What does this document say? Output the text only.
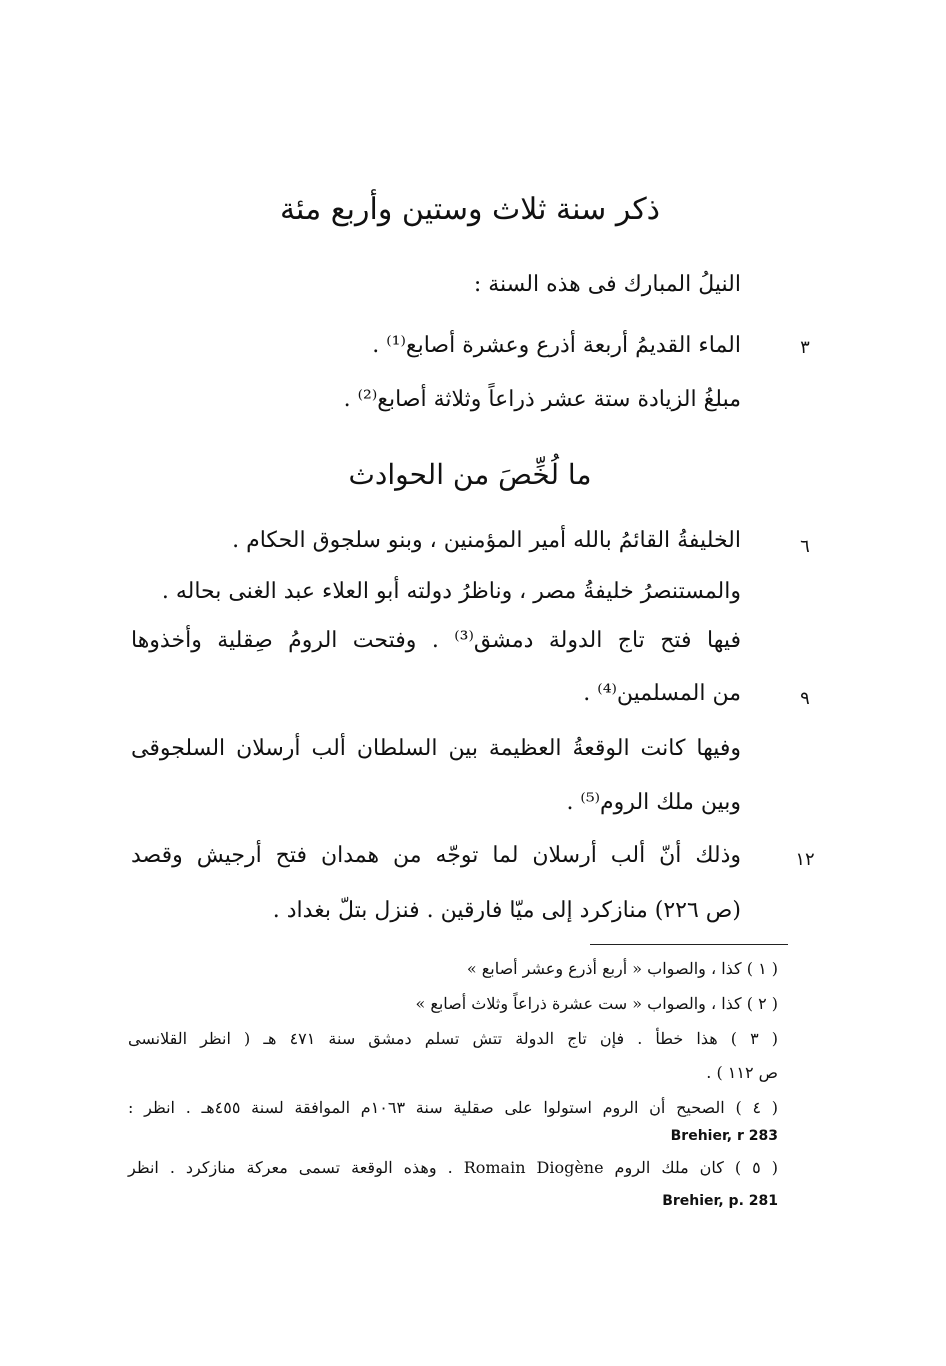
ذكر سنة ثلاث وستين وأربع مئة
النيلُ المبارك فى هذه السنة :
الماء القديمُ أربعة أذرع وعشرة أصابع⁽¹⁾ .	٣
مبلغُ الزيادة ستة عشر ذراعاً وثلاثة أصابع⁽²⁾ .
ما لُخِّصَ من الحوادث
الخليفةُ القائمُ بالله أمير المؤمنين ، وبنو سلجوق الحكام .	٦
والمستنصرُ خليفةُ مصر ، وناظرُ دولته أبو العلاء عبد الغنى بحاله .
فيها فتح تاج الدولة دمشق⁽³⁾ . وفتحت الرومُ صِقلية وأخذوها
من المسلمين⁽⁴⁾ .	٩
وفيها كانت الوقعةُ العظيمة بين السلطان ألب أرسلان السلجوقى
وبين ملك الروم⁽⁵⁾ .
وذلك أنّ ألب أرسلان لما توجّه من همدان فتح أرجيش وقصد	١٢
(ص ٢٢٦) منازكرد إلى ميّا فارقين . فنزل بتلّ بغداد .
( ١ ) كذا ، والصواب « أربع أذرع وعشر أصابع »
( ٢ ) كذا ، والصواب « ست عشرة ذراعاً وثلاث أصابع »
( ٣ ) هذا خطأ . فإن تاج الدولة تتش تسلم دمشق سنة ٤٧١ هـ ( انظر القلانسى
ص ١١٢ ) .
( ٤ ) الصحيح أن الروم استولوا على صقلية سنة ١٠٦٣م الموافقة لسنة ٤٥٥هـ . انظر :
Brehier, r 283
( ٥ ) كان ملك الروم Romain Diogène . وهذه الوقعة تسمى معركة منازكرد . انظر
Brehier, p. 281
